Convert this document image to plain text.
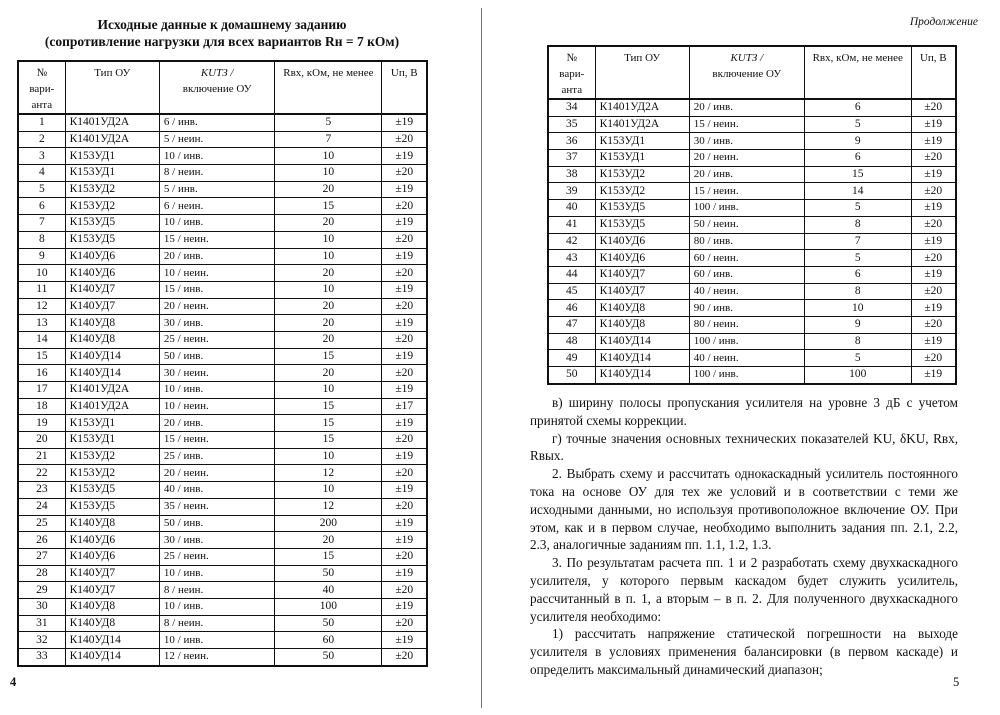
Исходные данные к домашнему заданию
(сопротивление нагрузки для всех вариантов Rн = 7 кОм)
№ вари-
анта	Тип ОУ	KUТЗ /
включение ОУ	Rвх, кОм, не менее	Uп, В
1	К1401УД2А	6 / инв.	5	±19
2	К1401УД2А	5 / неин.	7	±20
3	К153УД1	10 / инв.	10	±19
4	К153УД1	8 / неин.	10	±20
5	К153УД2	5 / инв.	20	±19
6	К153УД2	6 / неин.	15	±20
7	К153УД5	10 / инв.	20	±19
8	К153УД5	15 / неин.	10	±20
9	К140УД6	20 / инв.	10	±19
10	К140УД6	10 / неин.	20	±20
11	К140УД7	15 / инв.	10	±19
12	К140УД7	20 / неин.	20	±20
13	К140УД8	30 / инв.	20	±19
14	К140УД8	25 / неин.	20	±20
15	К140УД14	50 / инв.	15	±19
16	К140УД14	30 / неин.	20	±20
17	К1401УД2А	10 / инв.	10	±19
18	К1401УД2А	10 / неин.	15	±17
19	К153УД1	20 / инв.	15	±19
20	К153УД1	15 / неин.	15	±20
21	К153УД2	25 / инв.	10	±19
22	К153УД2	20 / неин.	12	±20
23	К153УД5	40 / инв.	10	±19
24	К153УД5	35 / неин.	12	±20
25	К140УД8	50 / инв.	200	±19
26	К140УД6	30 / инв.	20	±19
27	К140УД6	25 / неин.	15	±20
28	К140УД7	10 / инв.	50	±19
29	К140УД7	8 / неин.	40	±20
30	К140УД8	10 / инв.	100	±19
31	К140УД8	8 / неин.	50	±20
32	К140УД14	10 / инв.	60	±19
33	К140УД14	12 / неин.	50	±20
4
Продолжение
№ вари-
анта	Тип ОУ	KUТЗ /
включение ОУ	Rвх, кОм, не менее	Uп, В
34	К1401УД2А	20 / инв.	6	±20
35	К1401УД2А	15 / неин.	5	±19
36	К153УД1	30 / инв.	9	±19
37	К153УД1	20 / неин.	6	±20
38	К153УД2	20 / инв.	15	±19
39	К153УД2	15 / неин.	14	±20
40	К153УД5	100 / инв.	5	±19
41	К153УД5	50 / неин.	8	±20
42	К140УД6	80 / инв.	7	±19
43	К140УД6	60 / неин.	5	±20
44	К140УД7	60 / инв.	6	±19
45	К140УД7	40 / неин.	8	±20
46	К140УД8	90 / инв.	10	±19
47	К140УД8	80 / неин.	9	±20
48	К140УД14	100 / инв.	8	±19
49	К140УД14	40 / неин.	5	±20
50	К140УД14	100 / инв.	100	±19

в) ширину полосы пропускания усилителя на уровне 3 дБ с учетом принятой схемы коррекции.

г) точные значения основных технических показателей KU, δKU, Rвх, Rвых.

2. Выбрать схему и рассчитать однокаскадный усилитель постоянного тока на основе ОУ для тех же условий и в соответствии с теми же исходными данными, но используя противоположное включение ОУ. При этом, как и в первом случае, необходимо выполнить задания пп. 2.1, 2.2, 2.3, аналогичные заданиям пп. 1.1, 1.2, 1.3.

3. По результатам расчета пп. 1 и 2 разработать схему двухкаскадного усилителя, у которого первым каскадом будет служить усилитель, рассчитанный в п. 1, а вторым – в п. 2. Для полученного двухкаскадного усилителя необходимо:

1) рассчитать напряжение статической погрешности на выходе усилителя в условиях применения балансировки (в первом каскаде) и определить максимальный динамический диапазон;

5
